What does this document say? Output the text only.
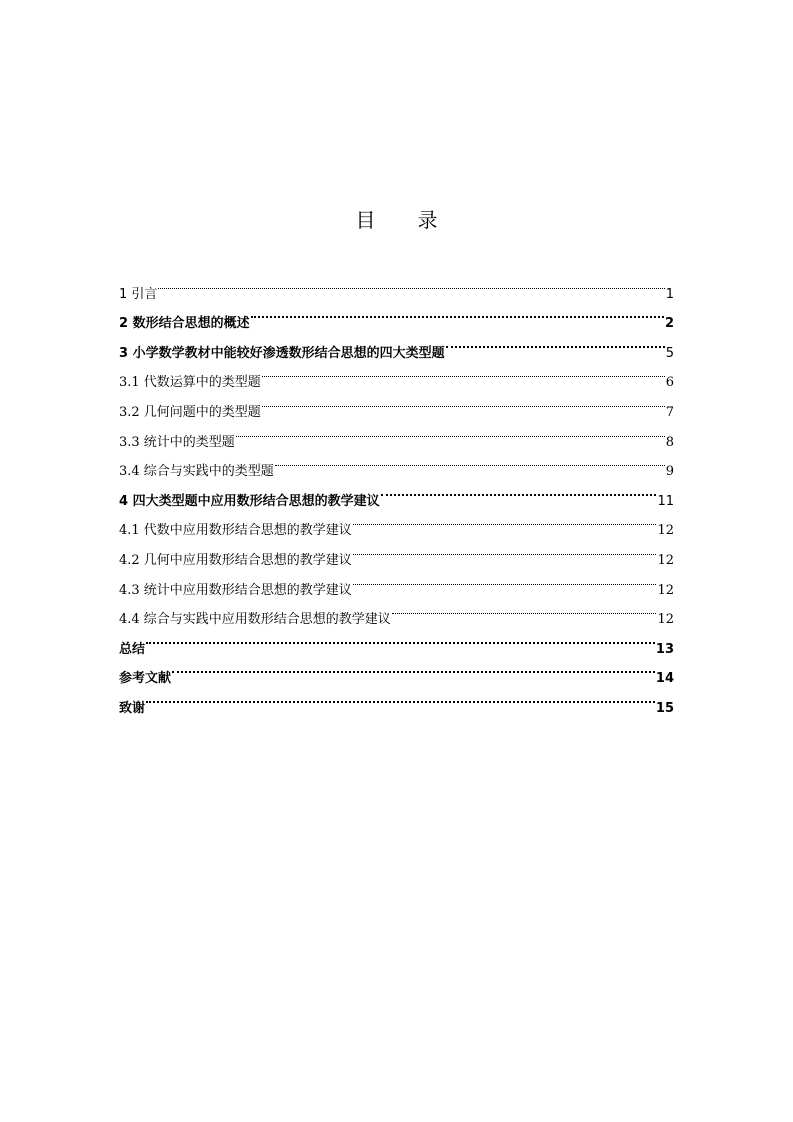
目 录
1 引言	1
2 数形结合思想的概述	2
3 小学数学教材中能较好渗透数形结合思想的四大类型题	5
3.1 代数运算中的类型题	6
3.2 几何问题中的类型题	7
3.3 统计中的类型题	8
3.4 综合与实践中的类型题	9
4 四大类型题中应用数形结合思想的教学建议	11
4.1 代数中应用数形结合思想的教学建议	12
4.2 几何中应用数形结合思想的教学建议	12
4.3 统计中应用数形结合思想的教学建议	12
4.4 综合与实践中应用数形结合思想的教学建议	12
总结	13
参考文献	14
致谢	15
